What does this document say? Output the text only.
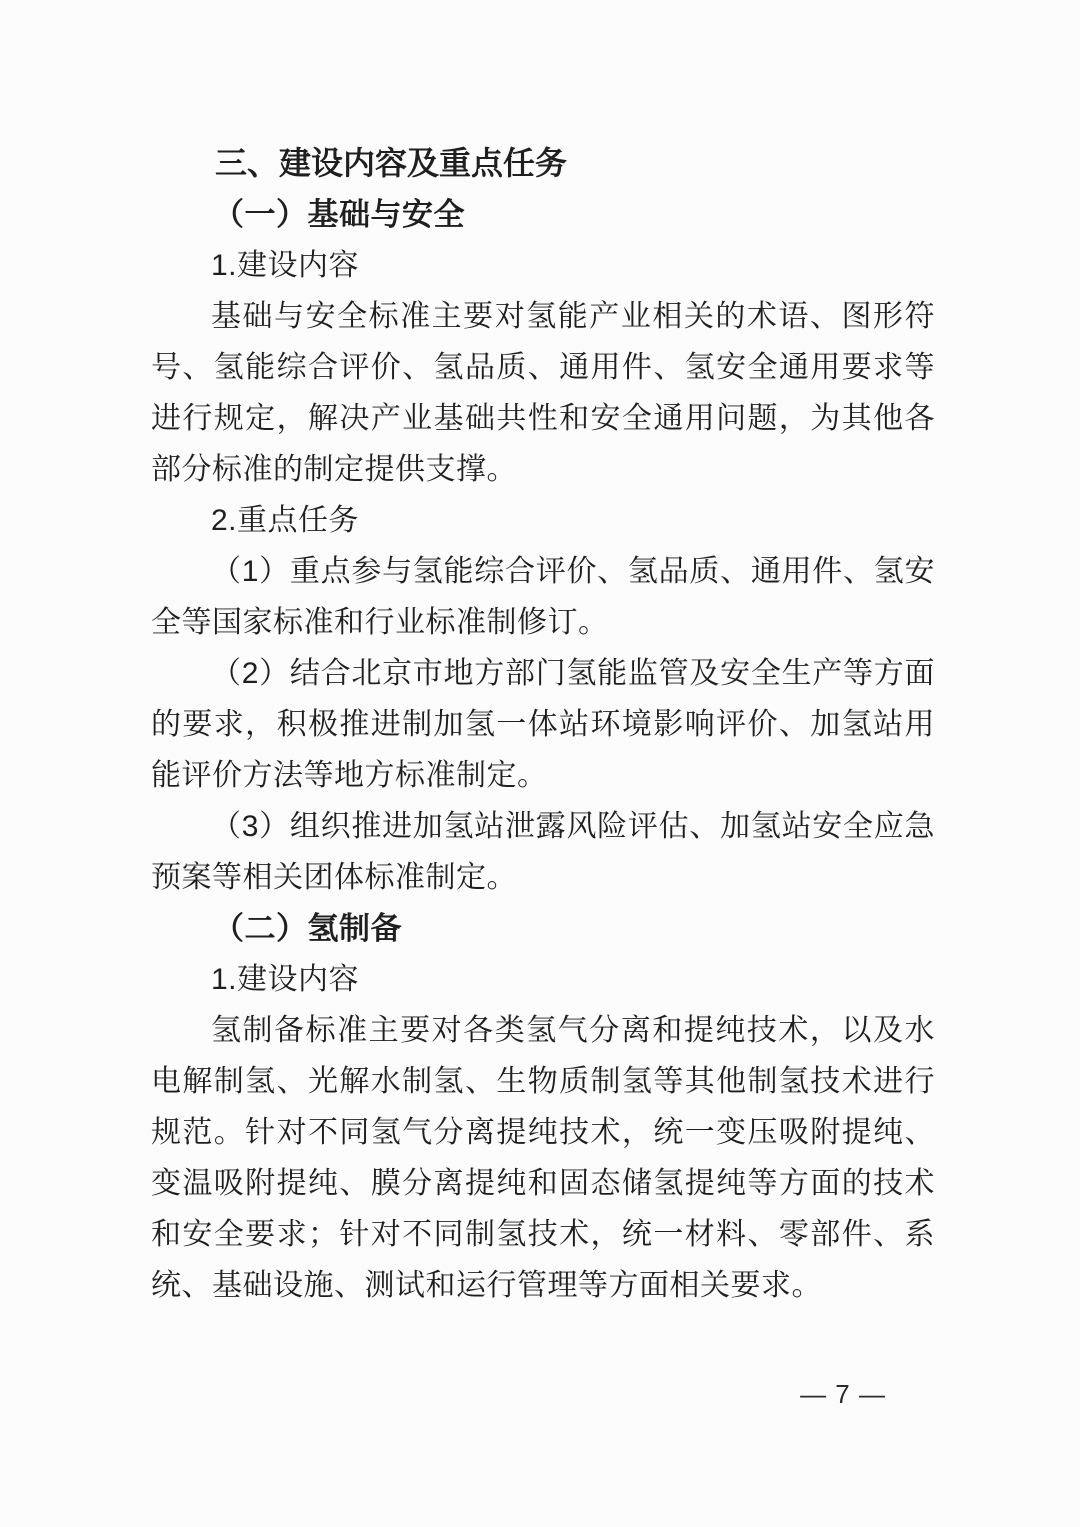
三、建设内容及重点任务

（一）基础与安全

1.建设内容

基础与安全标准主要对氢能产业相关的术语、图形符号、氢能综合评价、氢品质、通用件、氢安全通用要求等进行规定，解决产业基础共性和安全通用问题，为其他各部分标准的制定提供支撑。

2.重点任务

（1）重点参与氢能综合评价、氢品质、通用件、氢安全等国家标准和行业标准制修订。

（2）结合北京市地方部门氢能监管及安全生产等方面的要求，积极推进制加氢一体站环境影响评价、加氢站用能评价方法等地方标准制定。

（3）组织推进加氢站泄露风险评估、加氢站安全应急预案等相关团体标准制定。

（二）氢制备

1.建设内容

氢制备标准主要对各类氢气分离和提纯技术，以及水电解制氢、光解水制氢、生物质制氢等其他制氢技术进行规范。针对不同氢气分离提纯技术，统一变压吸附提纯、变温吸附提纯、膜分离提纯和固态储氢提纯等方面的技术和安全要求；针对不同制氢技术，统一材料、零部件、系统、基础设施、测试和运行管理等方面相关要求。

— 7 —
